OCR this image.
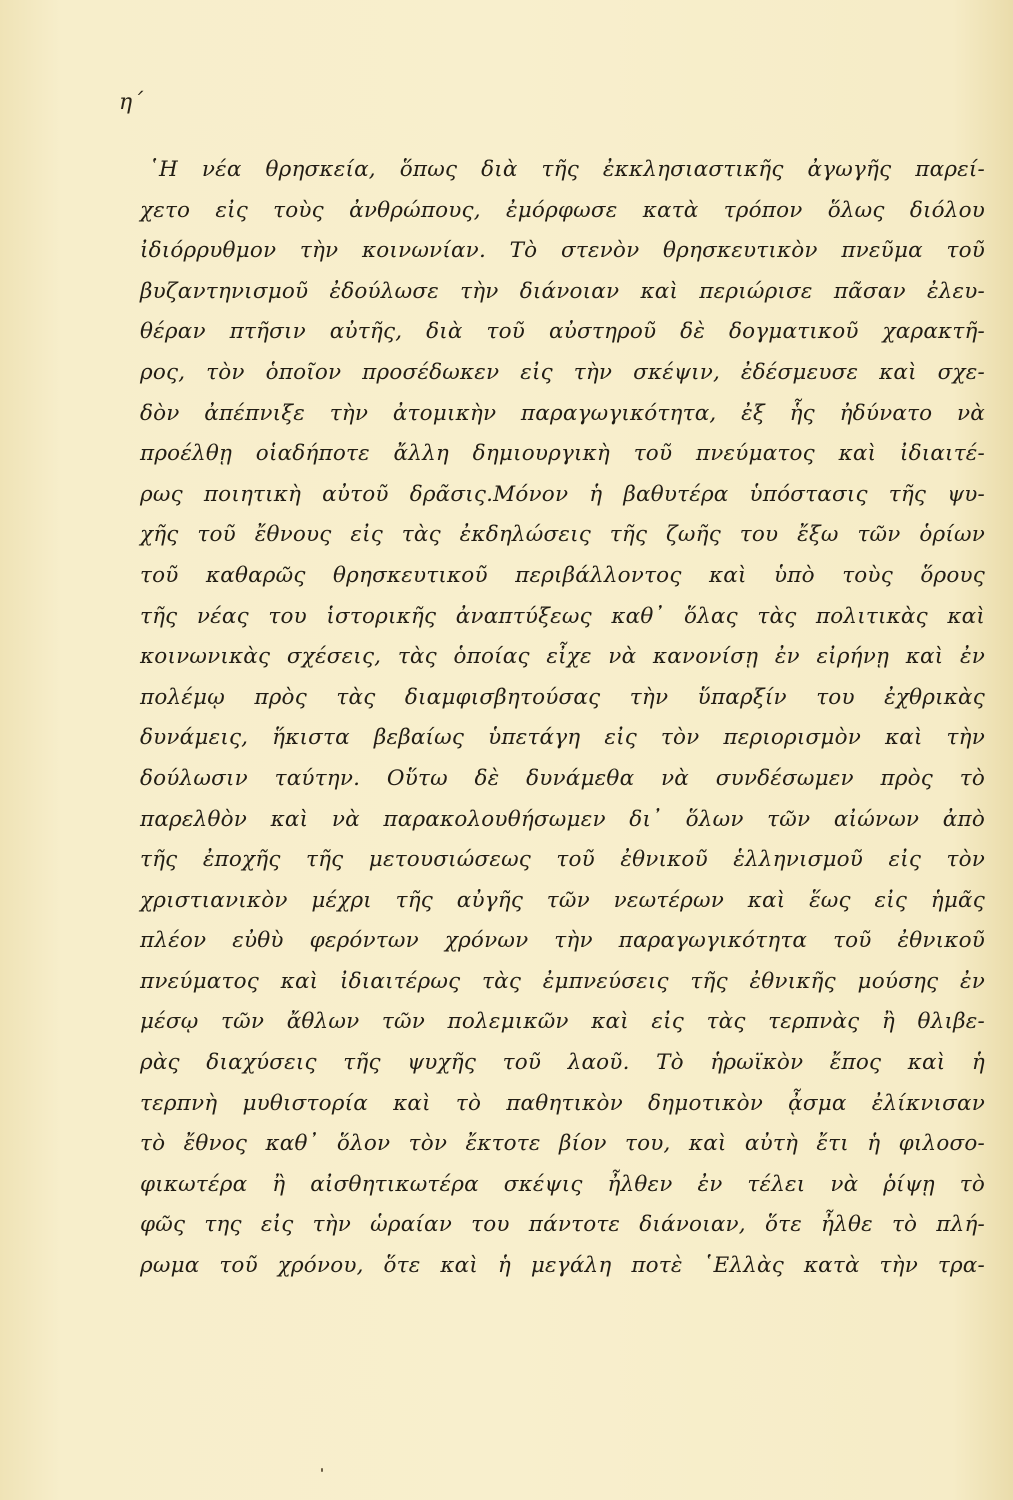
η΄
῾Η νέα θρησκεία, ὅπως διὰ τῆς ἐκκλησιαστικῆς ἀγωγῆς παρεί-
χετο εἰς τοὺς ἀνθρώπους, ἐμόρφωσε κατὰ τρόπον ὅλως διόλου
ἰδιόρρυθμον τὴν κοινωνίαν. Τὸ στενὸν θρησκευτικὸν πνεῦμα τοῦ
βυζαντηνισμοῦ ἐδούλωσε τὴν διάνοιαν καὶ περιώρισε πᾶσαν ἐλευ-
θέραν πτῆσιν αὐτῆς, διὰ τοῦ αὐστηροῦ δὲ δογματικοῦ χαρακτῆ-
ρος, τὸν ὁποῖον προσέδωκεν εἰς τὴν σκέψιν, ἐδέσμευσε καὶ σχε-
δὸν ἀπέπνιξε τὴν ἀτομικὴν παραγωγικότητα, ἐξ ἧς ἠδύνατο νὰ
προέλθῃ οἱαδήποτε ἄλλη δημιουργικὴ τοῦ πνεύματος καὶ ἰδιαιτέ-
ρως ποιητικὴ αὐτοῦ δρᾶσις.Μόνον ἡ βαθυτέρα ὑπόστασις τῆς ψυ-
χῆς τοῦ ἔθνους εἰς τὰς ἐκδηλώσεις τῆς ζωῆς του ἔξω τῶν ὁρίων
τοῦ καθαρῶς θρησκευτικοῦ περιβάλλοντος καὶ ὑπὸ τοὺς ὅρους
τῆς νέας του ἱστορικῆς ἀναπτύξεως καθ᾽ ὅλας τὰς πολιτικὰς καὶ
κοινωνικὰς σχέσεις, τὰς ὁποίας εἶχε νὰ κανονίσῃ ἐν εἰρήνῃ καὶ ἐν
πολέμῳ πρὸς τὰς διαμφισβητούσας τὴν ὕπαρξίν του ἐχθρικὰς
δυνάμεις, ἥκιστα βεβαίως ὑπετάγη εἰς τὸν περιορισμὸν καὶ τὴν
δούλωσιν ταύτην. Οὕτω δὲ δυνάμεθα νὰ συνδέσωμεν πρὸς τὸ
παρελθὸν καὶ νὰ παρακολουθήσωμεν δι᾽ ὅλων τῶν αἰώνων ἀπὸ
τῆς ἐποχῆς τῆς μετουσιώσεως τοῦ ἐθνικοῦ ἑλληνισμοῦ εἰς τὸν
χριστιανικὸν μέχρι τῆς αὐγῆς τῶν νεωτέρων καὶ ἕως εἰς ἡμᾶς
πλέον εὐθὺ φερόντων χρόνων τὴν παραγωγικότητα τοῦ ἐθνικοῦ
πνεύματος καὶ ἰδιαιτέρως τὰς ἐμπνεύσεις τῆς ἐθνικῆς μούσης ἐν
μέσῳ τῶν ἄθλων τῶν πολεμικῶν καὶ εἰς τὰς τερπνὰς ἢ θλιβε-
ρὰς διαχύσεις τῆς ψυχῆς τοῦ λαοῦ. Τὸ ἡρωϊκὸν ἔπος καὶ ἡ
τερπνὴ μυθιστορία καὶ τὸ παθητικὸν δημοτικὸν ᾆσμα ἐλίκνισαν
τὸ ἔθνος καθ᾽ ὅλον τὸν ἔκτοτε βίον του, καὶ αὐτὴ ἔτι ἡ φιλοσο-
φικωτέρα ἢ αἰσθητικωτέρα σκέψις ἦλθεν ἐν τέλει νὰ ῥίψῃ τὸ
φῶς της εἰς τὴν ὡραίαν του πάντοτε διάνοιαν, ὅτε ἦλθε τὸ πλή-
ρωμα τοῦ χρόνου, ὅτε καὶ ἡ μεγάλη ποτὲ ῾Ελλὰς κατὰ τὴν τρα-
